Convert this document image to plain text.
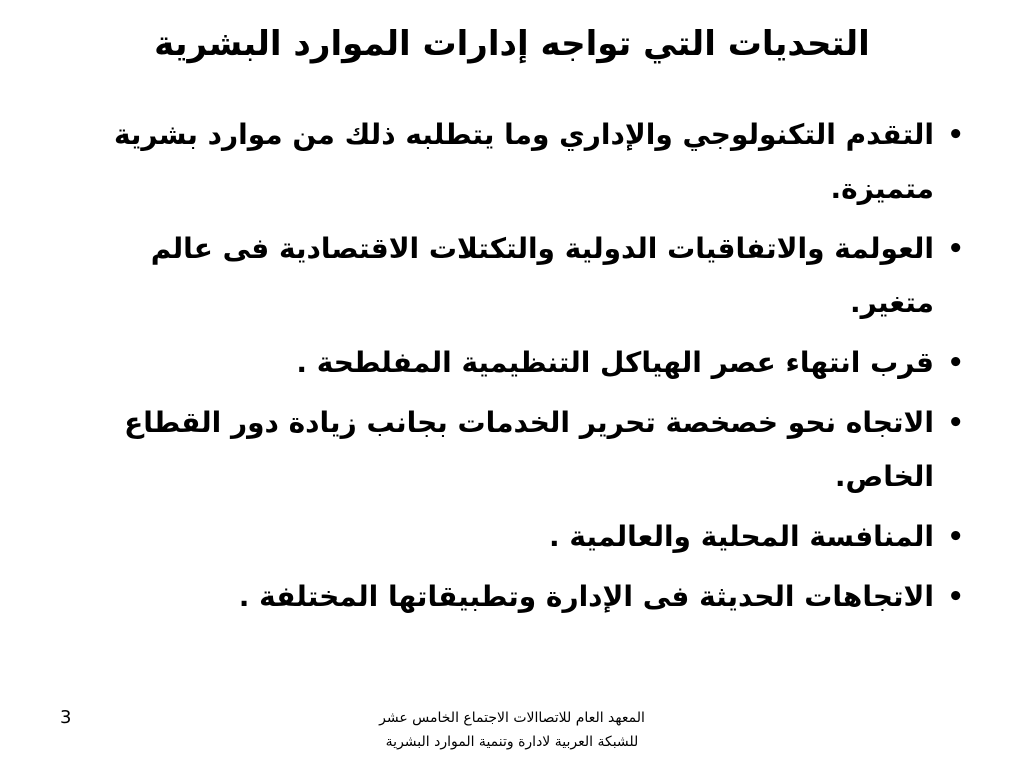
التحديات التي تواجه إدارات الموارد البشرية
•
التقدم التكنولوجي والإداري وما يتطلبه ذلك من موارد بشرية متميزة.
•
العولمة والاتفاقيات الدولية والتكتلات الاقتصادية فى عالم متغير.
•
قرب انتهاء عصر الهياكل التنظيمية المفلطحة .
•
الاتجاه نحو خصخصة تحرير الخدمات بجانب زيادة دور القطاع الخاص.
•
المنافسة المحلية والعالمية .
•
الاتجاهات الحديثة فى الإدارة وتطبيقاتها المختلفة .
المعهد العام للاتصاالات الاجتماع الخامس عشر
للشبكة العربية لادارة وتنمية الموارد البشرية
3
